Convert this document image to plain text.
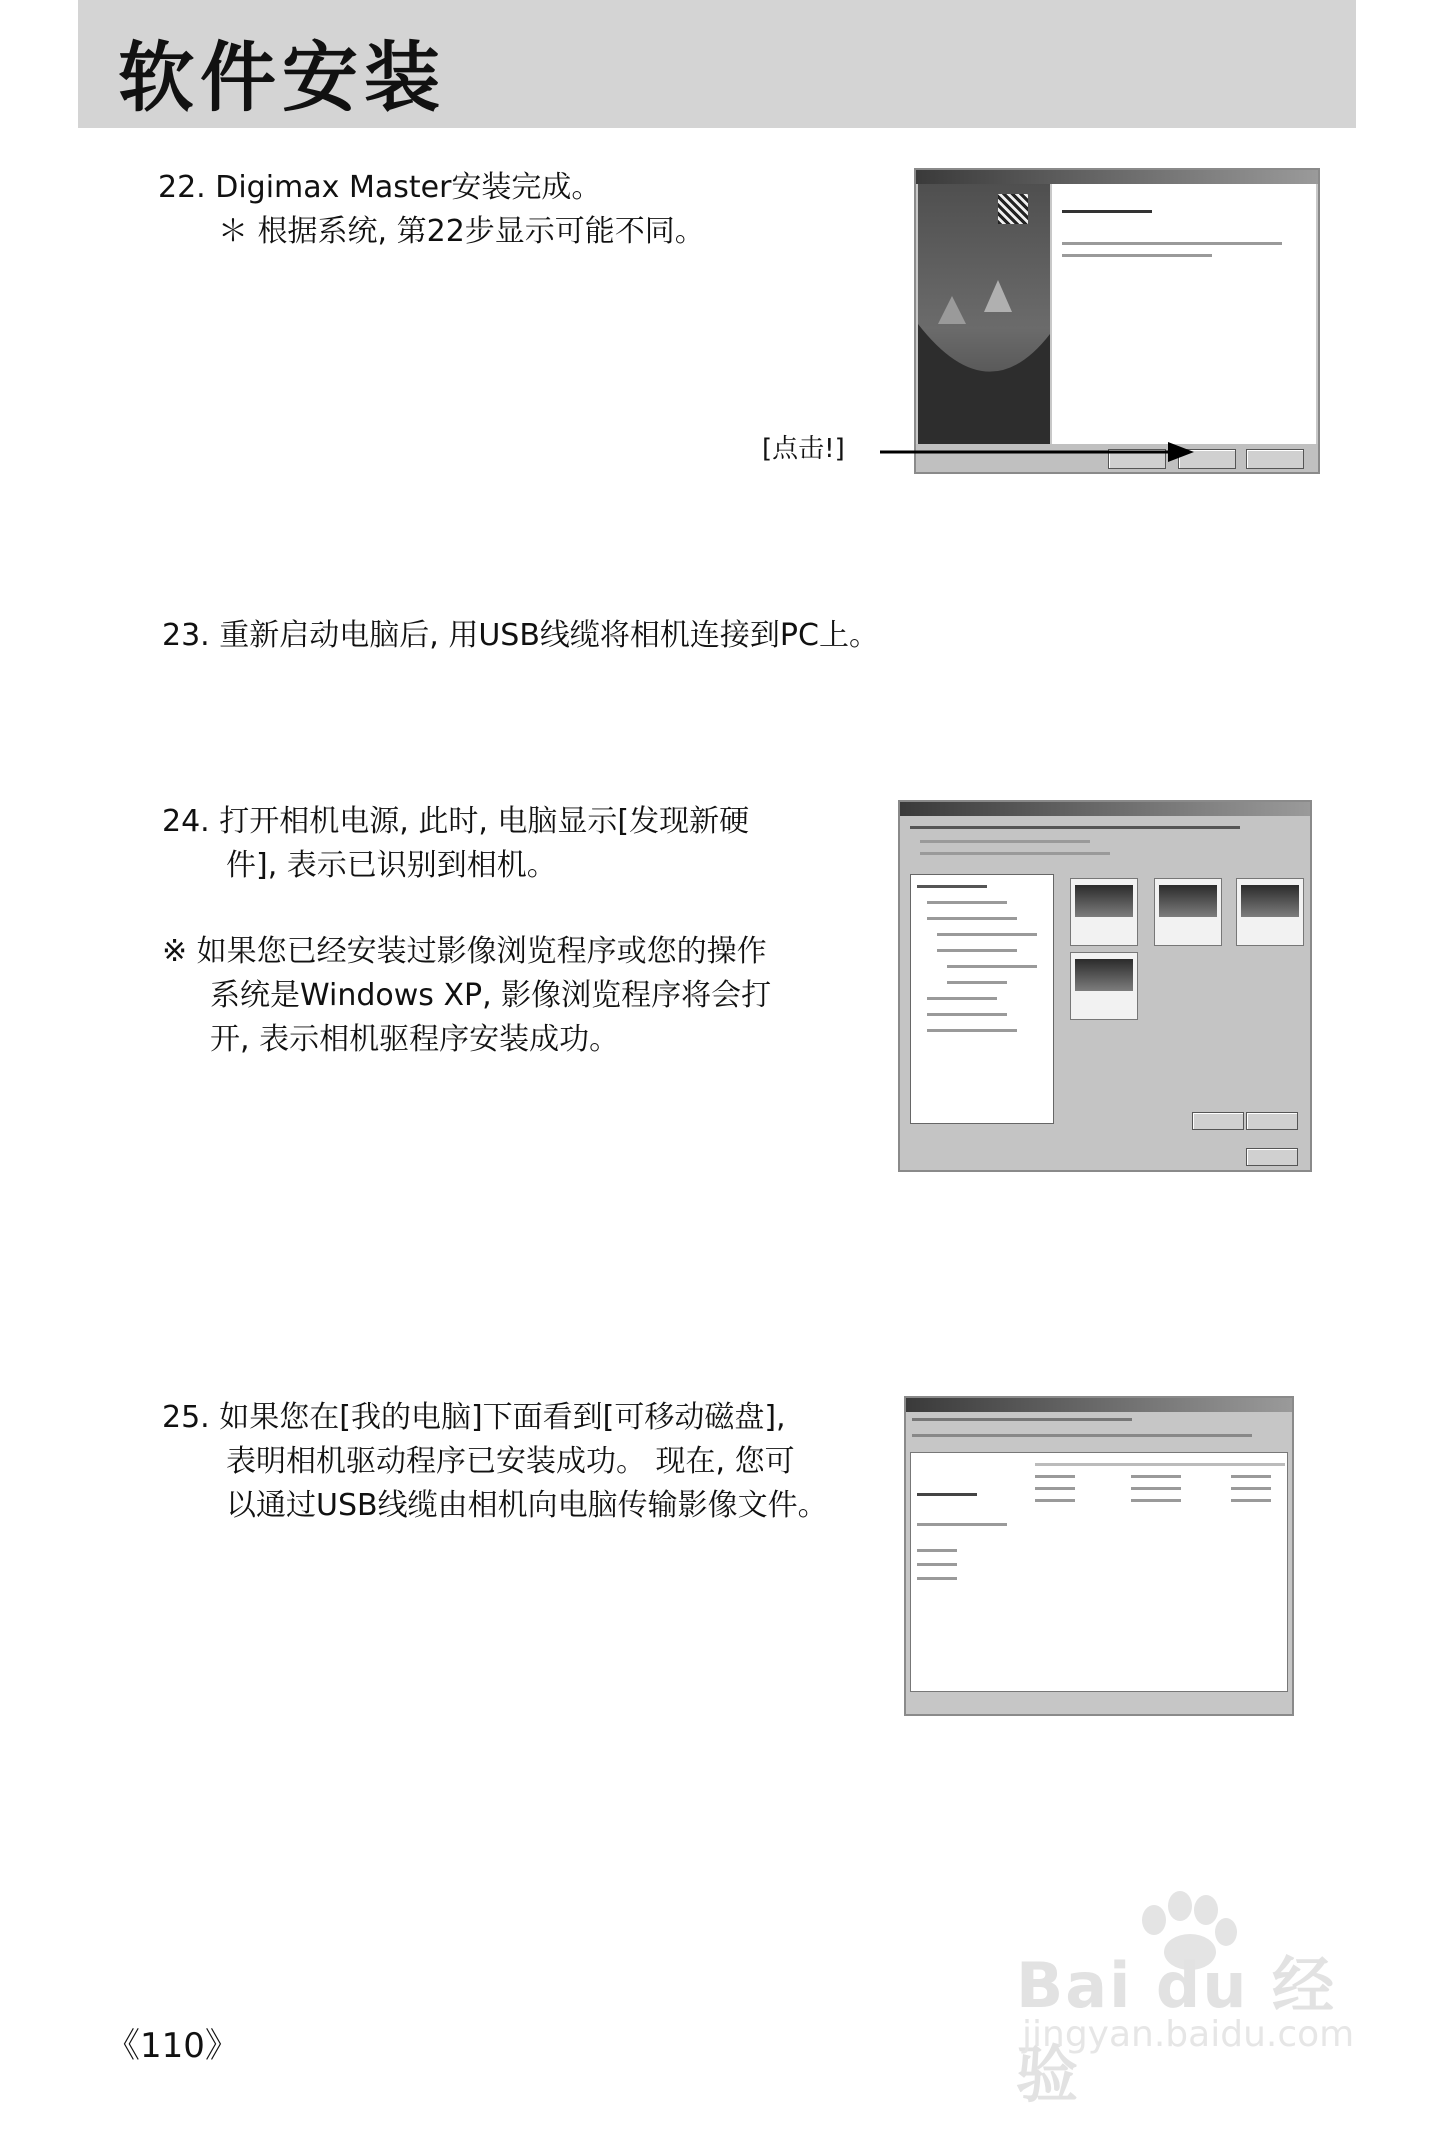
软件安装

22. Digimax Master安装完成。
＊ 根据系统, 第22步显示可能不同。

[点击!]

23. 重新启动电脑后, 用USB线缆将相机连接到PC上。

24. 打开相机电源, 此时, 电脑显示[发现新硬
件], 表示已识别到相机。

※ 如果您已经安装过影像浏览程序或您的操作
系统是Windows XP, 影像浏览程序将会打
开, 表示相机驱程序安装成功。

25. 如果您在[我的电脑]下面看到[可移动磁盘],
表明相机驱动程序已安装成功。 现在, 您可
以通过USB线缆由相机向电脑传输影像文件。

《110》

Bai du 经验
jingyan.baidu.com
